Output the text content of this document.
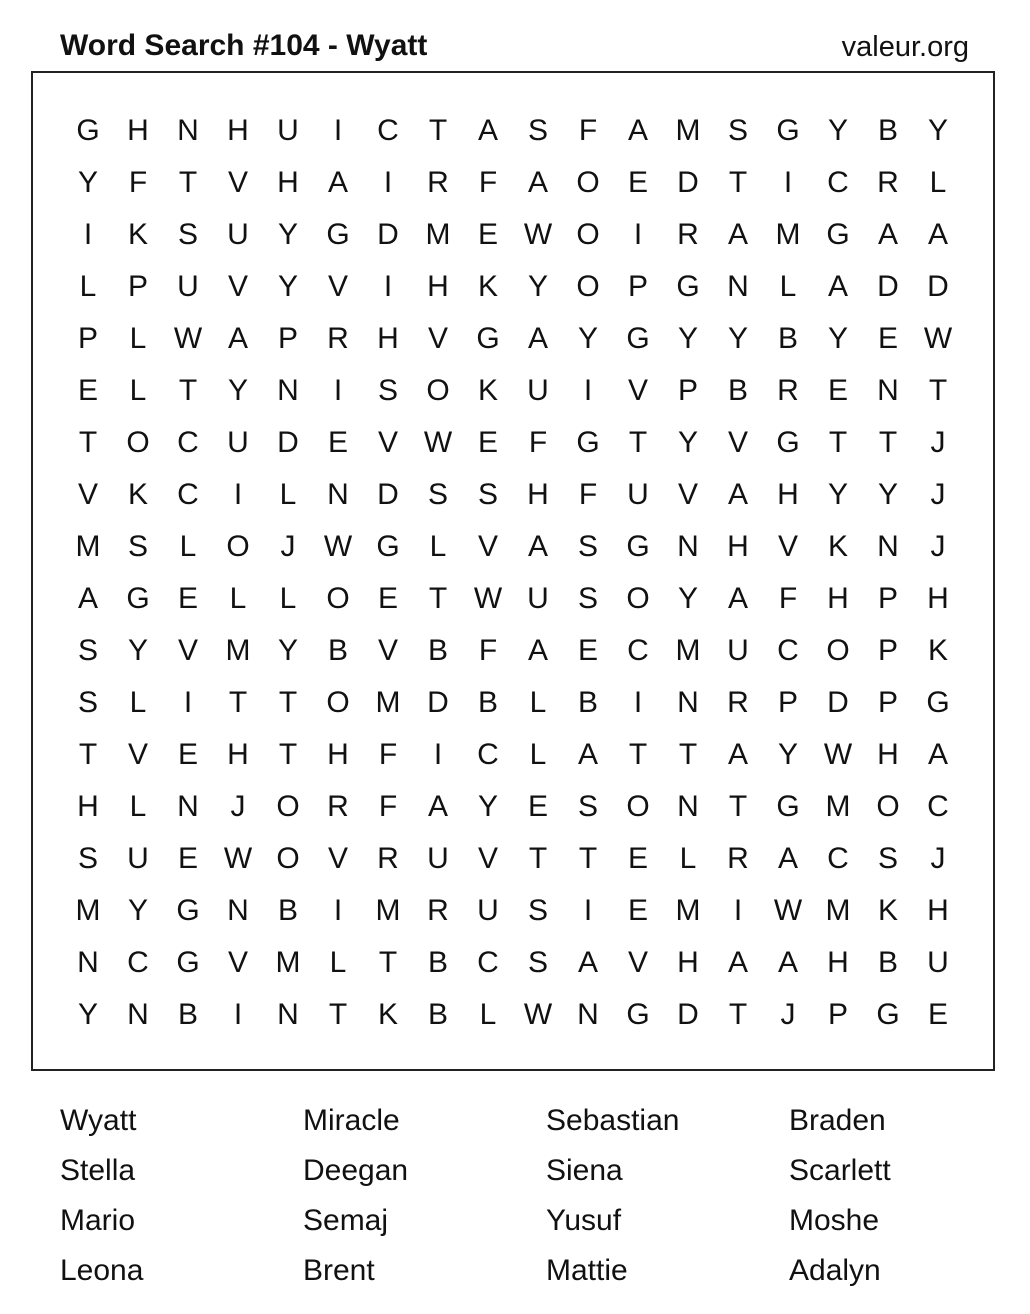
Word Search #104 - Wyatt	valeur.org
G H N H U	I	C	T	A S	F	A M S G Y B Y
Y	F	T	V H A	I	R	F	A O E D	T	I	C R	L
I	K S U Y G D M E W O	I	R A M G A A
L	P U V Y V	I	H K Y O P G N	L	A D D
P	L W A P R H V G A Y G Y Y B Y E W
E	L	T	Y N	I	S O K U	I	V P B R E N	T
T O C U D E V W E	F G T	Y V G T	T	J
V K C	I	L	N D S S H	F	U V A H Y Y	J
M S	L O	J W G L	V A S G N H V K N	J
A G E	L	L O E	T W U S O Y A	F	H P H
S Y V M Y B V B	F	A E C M U C O P K
S	L	I	T	T O M D B	L	B	I	N R P D P G
T	V E H	T	H	F	I	C	L	A	T	T	A Y W H A
H	L	N	J	O R	F	A Y E S O N	T G M O C
S U E W O V R U V	T	T	E	L	R A C S	J
M Y G N B	I	M R U S	I	E M	I	W M K H
N C G V M L	T	B C S A V H A A H B U
Y N B	I	N	T	K B	L W N G D	T	J	P G E
Wyatt	Miracle	Sebastian	Braden
Stella	Deegan	Siena	Scarlett
Mario	Semaj	Yusuf	Moshe
Leona	Brent	Mattie	Adalyn
